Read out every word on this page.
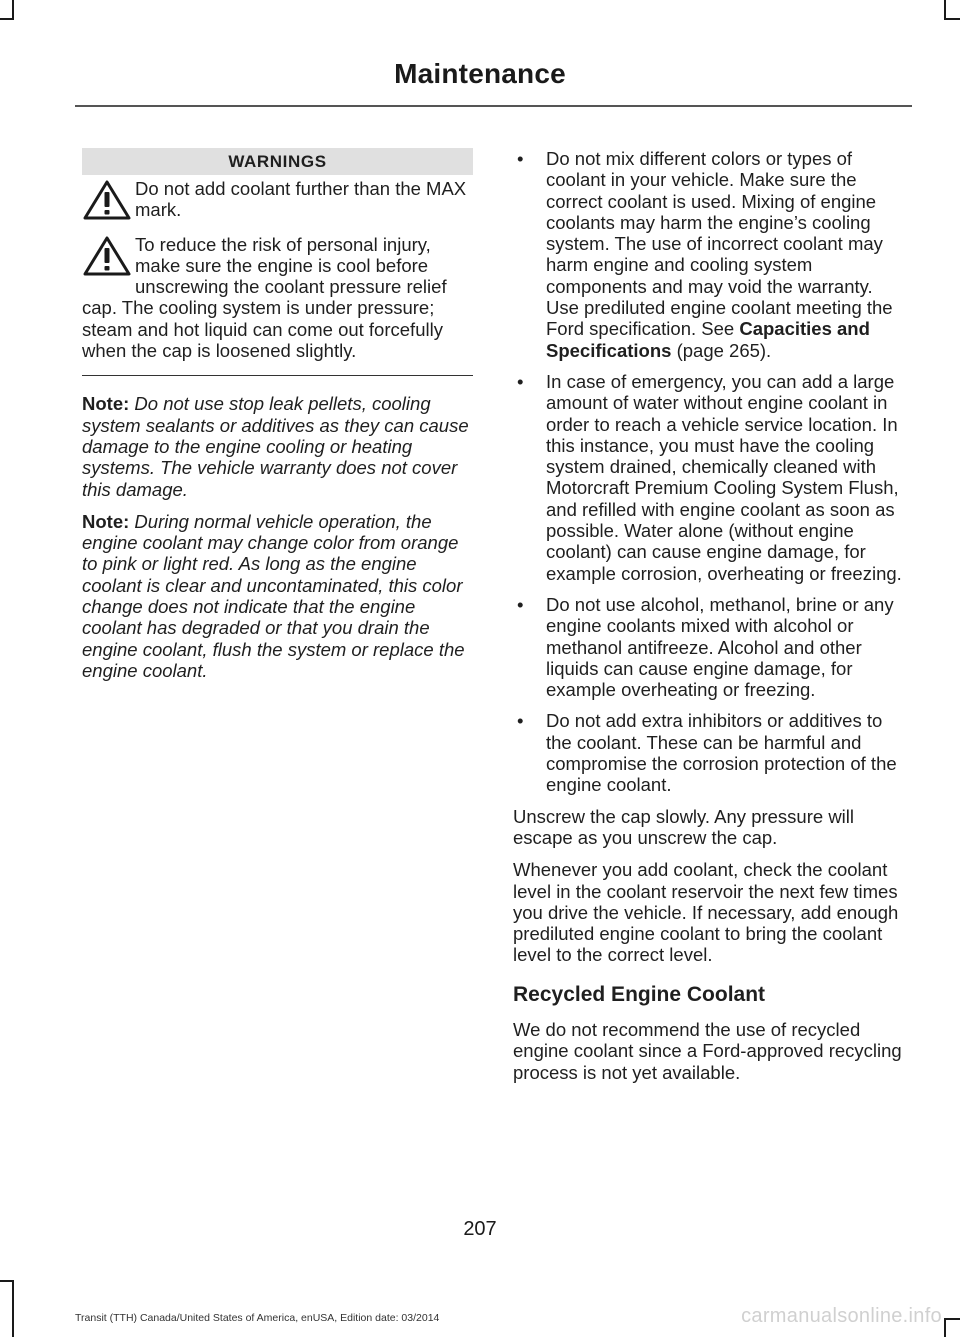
Maintenance
WARNINGS

Do not add coolant further than the MAX mark.

To reduce the risk of personal injury, make sure the engine is cool before unscrewing the coolant pressure relief cap. The cooling system is under pressure; steam and hot liquid can come out forcefully when the cap is loosened slightly.

Note: Do not use stop leak pellets, cooling system sealants or additives as they can cause damage to the engine cooling or heating systems. The vehicle warranty does not cover this damage.

Note: During normal vehicle operation, the engine coolant may change color from orange to pink or light red. As long as the engine coolant is clear and uncontaminated, this color change does not indicate that the engine coolant has degraded or that you drain the engine coolant, flush the system or replace the engine coolant.

• Do not mix different colors or types of coolant in your vehicle. Make sure the correct coolant is used. Mixing of engine coolants may harm the engine’s cooling system. The use of incorrect coolant may harm engine and cooling system components and may void the warranty. Use prediluted engine coolant meeting the Ford specification. See Capacities and Specifications (page 265).
• In case of emergency, you can add a large amount of water without engine coolant in order to reach a vehicle service location. In this instance, you must have the cooling system drained, chemically cleaned with Motorcraft Premium Cooling System Flush, and refilled with engine coolant as soon as possible. Water alone (without engine coolant) can cause engine damage, for example corrosion, overheating or freezing.
• Do not use alcohol, methanol, brine or any engine coolants mixed with alcohol or methanol antifreeze. Alcohol and other liquids can cause engine damage, for example overheating or freezing.
• Do not add extra inhibitors or additives to the coolant. These can be harmful and compromise the corrosion protection of the engine coolant.

Unscrew the cap slowly. Any pressure will escape as you unscrew the cap.

Whenever you add coolant, check the coolant level in the coolant reservoir the next few times you drive the vehicle. If necessary, add enough prediluted engine coolant to bring the coolant level to the correct level.

Recycled Engine Coolant

We do not recommend the use of recycled engine coolant since a Ford-approved recycling process is not yet available.

207
Transit (TTH) Canada/United States of America, enUSA, Edition date: 03/2014	carmanualsonline.info
